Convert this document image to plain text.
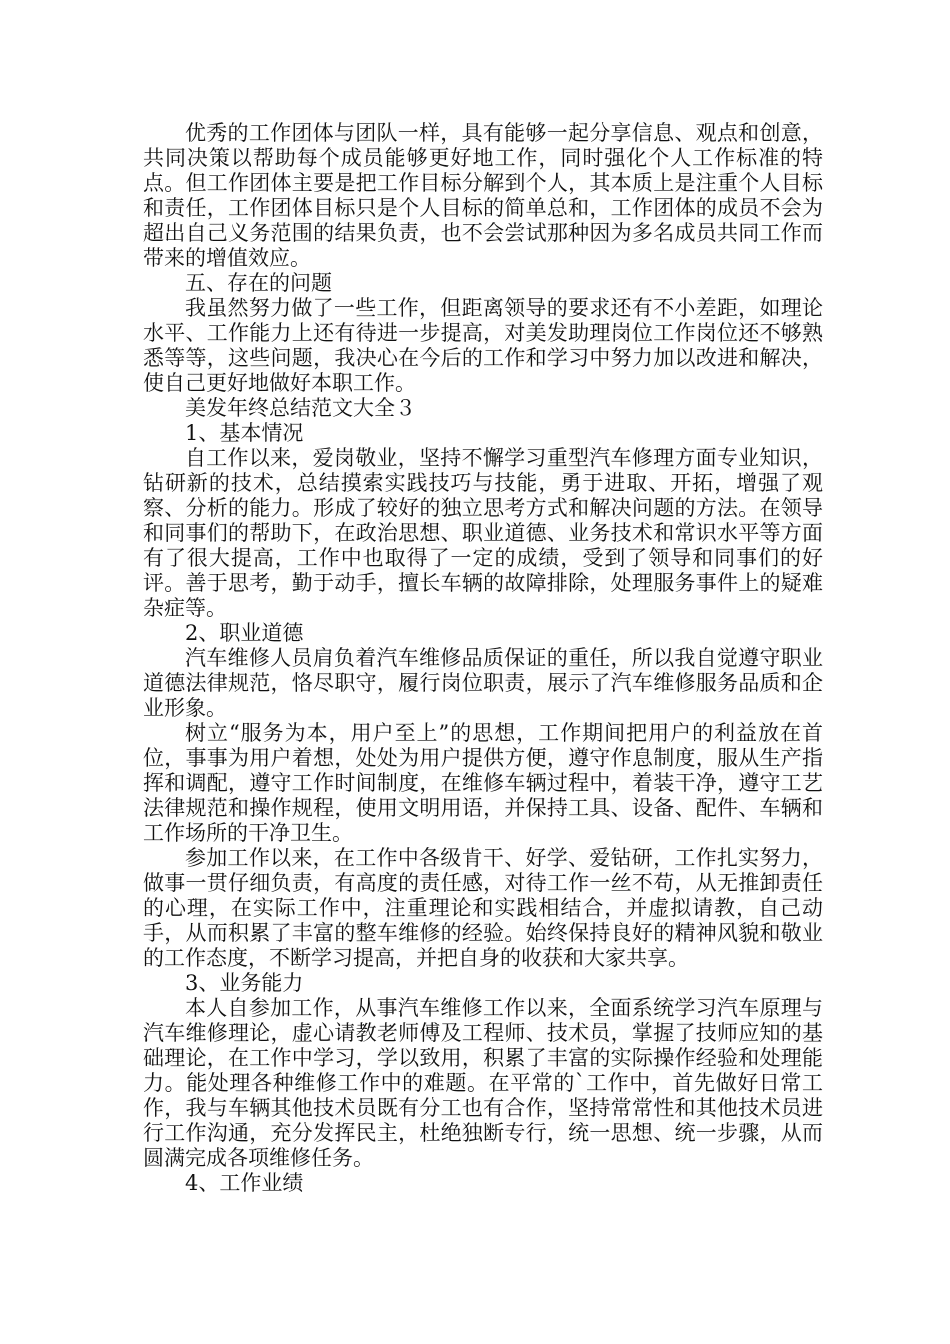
优秀的工作团体与团队一样，具有能够一起分享信息、观点和创意，共同决策以帮助每个成员能够更好地工作，同时强化个人工作标准的特点。但工作团体主要是把工作目标分解到个人，其本质上是注重个人目标和责任，工作团体目标只是个人目标的简单总和，工作团体的成员不会为超出自己义务范围的结果负责，也不会尝试那种因为多名成员共同工作而带来的增值效应。

五、存在的问题

我虽然努力做了一些工作，但距离领导的要求还有不小差距，如理论水平、工作能力上还有待进一步提高，对美发助理岗位工作岗位还不够熟悉等等，这些问题，我决心在今后的工作和学习中努力加以改进和解决，使自己更好地做好本职工作。

美发年终总结范文大全３

1、基本情况

自工作以来，爱岗敬业，坚持不懈学习重型汽车修理方面专业知识，钻研新的技术，总结摸索实践技巧与技能，勇于进取、开拓，增强了观察、分析的能力。形成了较好的独立思考方式和解决问题的方法。在领导和同事们的帮助下，在政治思想、职业道德、业务技术和常识水平等方面有了很大提高，工作中也取得了一定的成绩，受到了领导和同事们的好评。善于思考，勤于动手，擅长车辆的故障排除，处理服务事件上的疑难杂症等。

2、职业道德

汽车维修人员肩负着汽车维修品质保证的重任，所以我自觉遵守职业道德法律规范，恪尽职守，履行岗位职责，展示了汽车维修服务品质和企业形象。

树立“服务为本，用户至上”的思想，工作期间把用户的利益放在首位，事事为用户着想，处处为用户提供方便，遵守作息制度，服从生产指挥和调配，遵守工作时间制度，在维修车辆过程中，着装干净，遵守工艺法律规范和操作规程，使用文明用语，并保持工具、设备、配件、车辆和工作场所的干净卫生。

参加工作以来，在工作中各级肯干、好学、爱钻研，工作扎实努力，做事一贯仔细负责，有高度的责任感，对待工作一丝不苟，从无推卸责任的心理，在实际工作中，注重理论和实践相结合，并虚拟请教，自己动手，从而积累了丰富的整车维修的经验。始终保持良好的精神风貌和敬业的工作态度，不断学习提高，并把自身的收获和大家共享。

3、业务能力

本人自参加工作，从事汽车维修工作以来，全面系统学习汽车原理与汽车维修理论，虚心请教老师傅及工程师、技术员，掌握了技师应知的基础理论，在工作中学习，学以致用，积累了丰富的实际操作经验和处理能力。能处理各种维修工作中的难题。在平常的`工作中，首先做好日常工作，我与车辆其他技术员既有分工也有合作，坚持常常性和其他技术员进行工作沟通，充分发挥民主，杜绝独断专行，统一思想、统一步骤，从而圆满完成各项维修任务。

4、工作业绩
